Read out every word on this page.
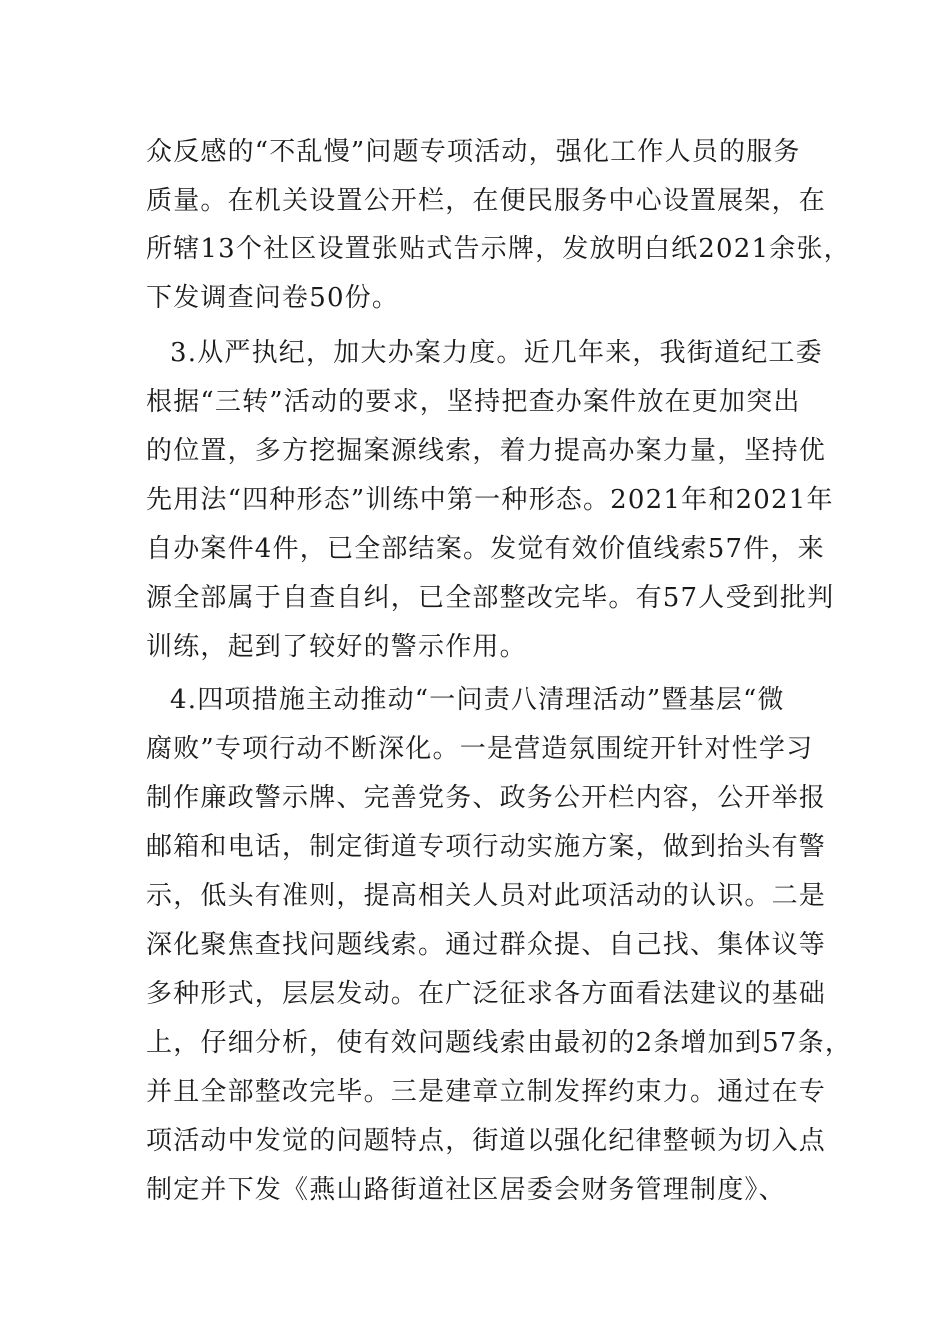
众反感的“不乱慢”问题专项活动，强化工作人员的服务
质量。在机关设置公开栏，在便民服务中心设置展架，在
所辖13个社区设置张贴式告示牌，发放明白纸2021余张，
下发调查问卷50份。
3.从严执纪，加大办案力度。近几年来，我街道纪工委
根据“三转”活动的要求，坚持把查办案件放在更加突出
的位置，多方挖掘案源线索，着力提高办案力量，坚持优
先用法“四种形态”训练中第一种形态。2021年和2021年
自办案件4件，已全部结案。发觉有效价值线索57件，来
源全部属于自查自纠，已全部整改完毕。有57人受到批判
训练，起到了较好的警示作用。
4.四项措施主动推动“一问责八清理活动”暨基层“微
腐败”专项行动不断深化。一是营造氛围绽开针对性学习
制作廉政警示牌、完善党务、政务公开栏内容，公开举报
邮箱和电话，制定街道专项行动实施方案，做到抬头有警
示，低头有准则，提高相关人员对此项活动的认识。二是
深化聚焦查找问题线索。通过群众提、自己找、集体议等
多种形式，层层发动。在广泛征求各方面看法建议的基础
上，仔细分析，使有效问题线索由最初的2条增加到57条，
并且全部整改完毕。三是建章立制发挥约束力。通过在专
项活动中发觉的问题特点，街道以强化纪律整顿为切入点
制定并下发《燕山路街道社区居委会财务管理制度》、
